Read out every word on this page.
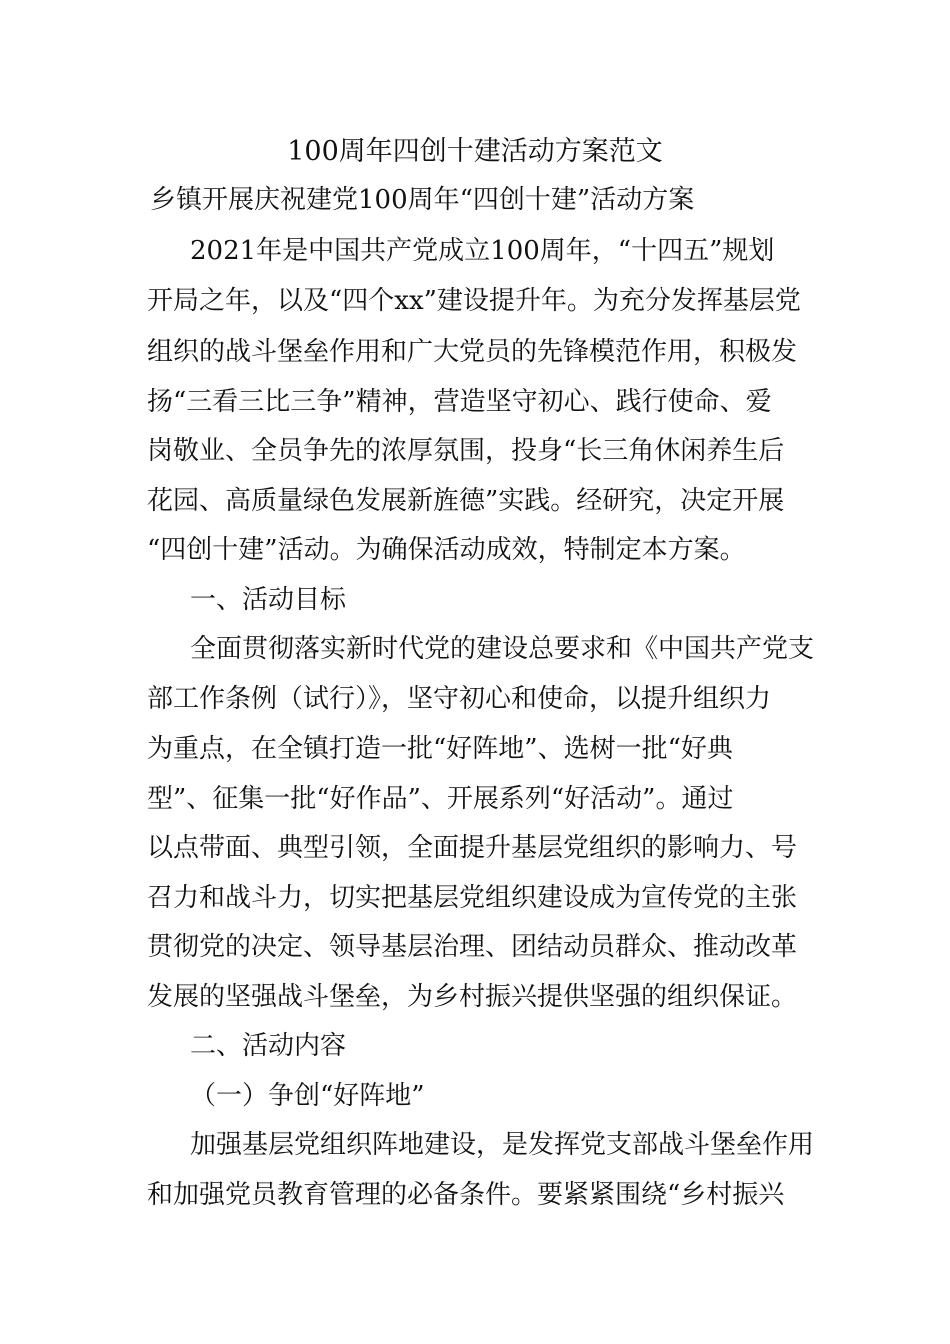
100周年四创十建活动方案范文
乡镇开展庆祝建党100周年“四创十建”活动方案
2021年是中国共产党成立100周年，“十四五”规划
开局之年，以及“四个xx”建设提升年。为充分发挥基层党
组织的战斗堡垒作用和广大党员的先锋模范作用，积极发
扬“三看三比三争”精神，营造坚守初心、践行使命、爱
岗敬业、全员争先的浓厚氛围，投身“长三角休闲养生后
花园、高质量绿色发展新旌德”实践。经研究，决定开展
“四创十建”活动。为确保活动成效，特制定本方案。
一、活动目标
全面贯彻落实新时代党的建设总要求和《中国共产党支
部工作条例（试行）》，坚守初心和使命，以提升组织力
为重点，在全镇打造一批“好阵地”、选树一批“好典
型”、征集一批“好作品”、开展系列“好活动”。通过
以点带面、典型引领，全面提升基层党组织的影响力、号
召力和战斗力，切实把基层党组织建设成为宣传党的主张
贯彻党的决定、领导基层治理、团结动员群众、推动改革
发展的坚强战斗堡垒，为乡村振兴提供坚强的组织保证。
二、活动内容
（一）争创“好阵地”
加强基层党组织阵地建设，是发挥党支部战斗堡垒作用
和加强党员教育管理的必备条件。要紧紧围绕“乡村振兴
